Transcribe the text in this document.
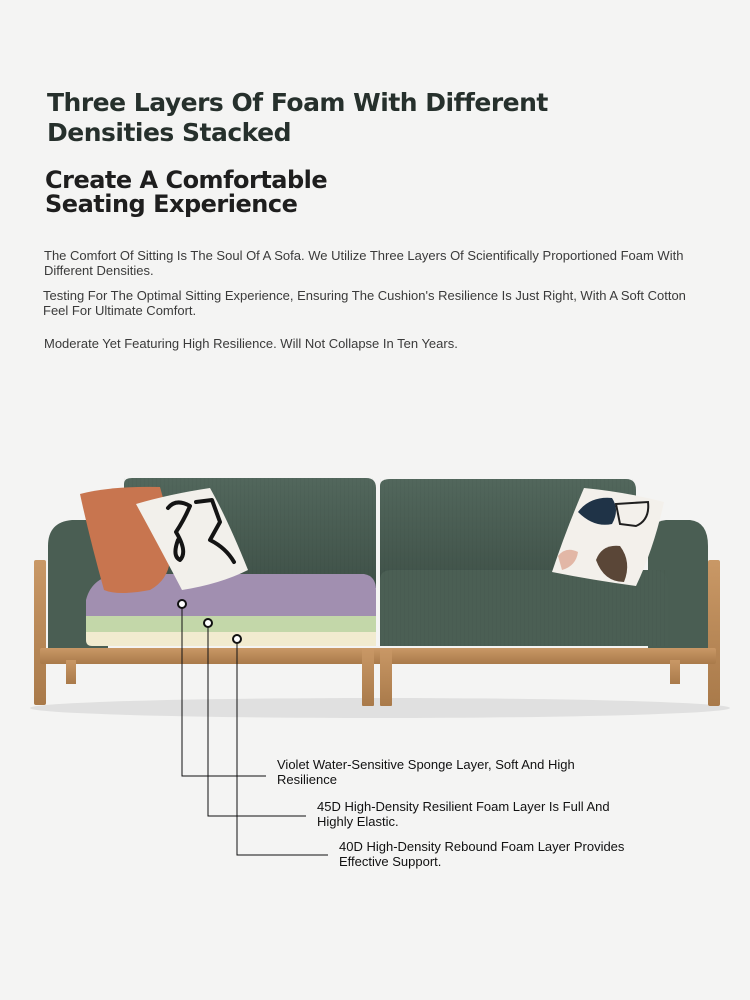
Three Layers Of Foam With Different Densities Stacked
Create A Comfortable Seating Experience

The Comfort Of Sitting Is The Soul Of A Sofa. We Utilize Three Layers Of Scientifically Proportioned Foam With Different Densities.

Testing For The Optimal Sitting Experience, Ensuring The Cushion's Resilience Is Just Right, With A Soft Cotton Feel For Ultimate Comfort.

Moderate Yet Featuring High Resilience. Will Not Collapse In Ten Years.

Violet Water-Sensitive Sponge Layer, Soft And High Resilience

45D High-Density Resilient Foam Layer Is Full And Highly Elastic.

40D High-Density Rebound Foam Layer Provides Effective Support.
